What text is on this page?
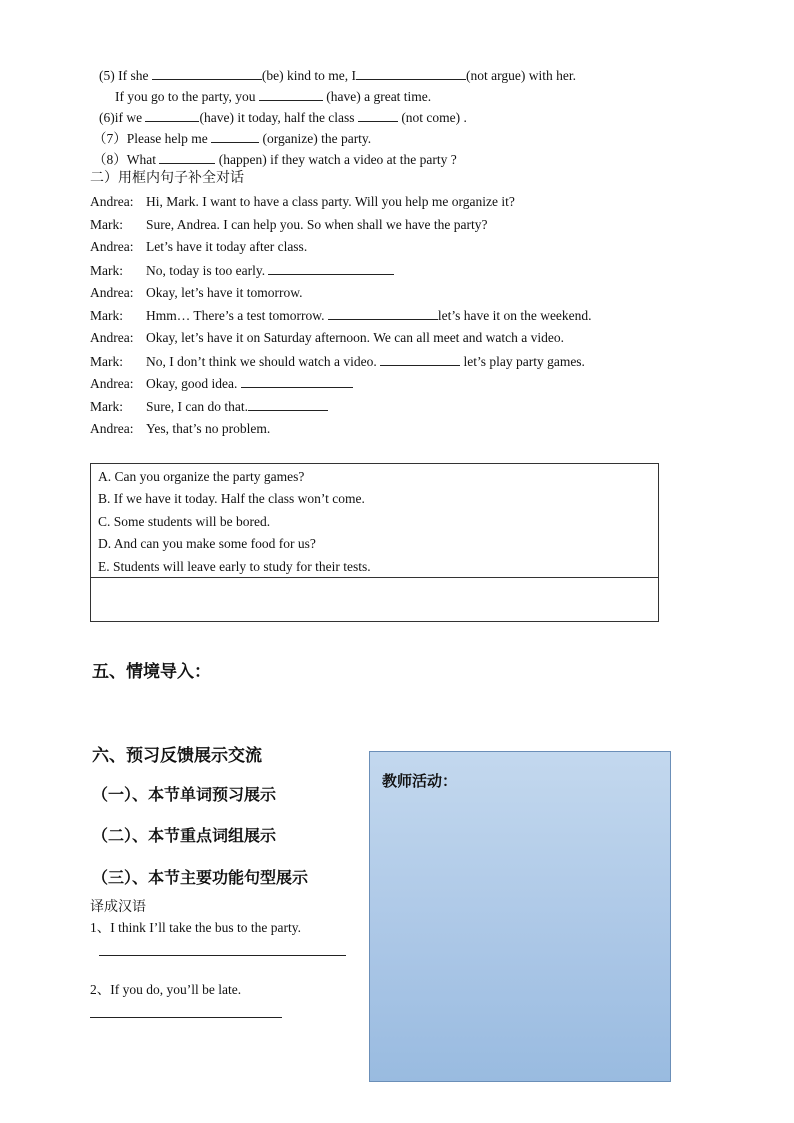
(5) If she	(be) kind to me, I	(not argue) with her.
If you go to the party, you	(have) a great time.
(6)if we	(have) it today, half the class	(not come) .
（7）Please help me	(organize) the party.
（8）What	(happen) if they watch a video at the party ?
二）用框内句子补全对话
Andrea: Hi, Mark. I want to have a class party. Will you help me organize it?
Mark: Sure, Andrea. I can help you. So when shall we have the party?
Andrea: Let’s have it today after class.
Mark: No, today is too early.
Andrea: Okay, let’s have it tomorrow.
Mark: Hmm… There’s a test tomorrow.	let’s have it on the weekend.
Andrea: Okay, let’s have it on Saturday afternoon. We can all meet and watch a video.
Mark: No, I don’t think we should watch a video.	let’s play party games.
Andrea: Okay, good idea.
Mark: Sure, I can do that.
Andrea: Yes, that’s no problem.
A. Can you organize the party games?
B. If we have it today. Half the class won’t come.
C. Some students will be bored.
D. And can you make some food for us?
E. Students will leave early to study for their tests.
五、情境导入：
六、预习反馈展示交流
（一）、本节单词预习展示
（二）、本节重点词组展示
（三）、本节主要功能句型展示
译成汉语
1、I think I’ll take the bus to the party.
2、If you do, you’ll be late.
教师活动：
